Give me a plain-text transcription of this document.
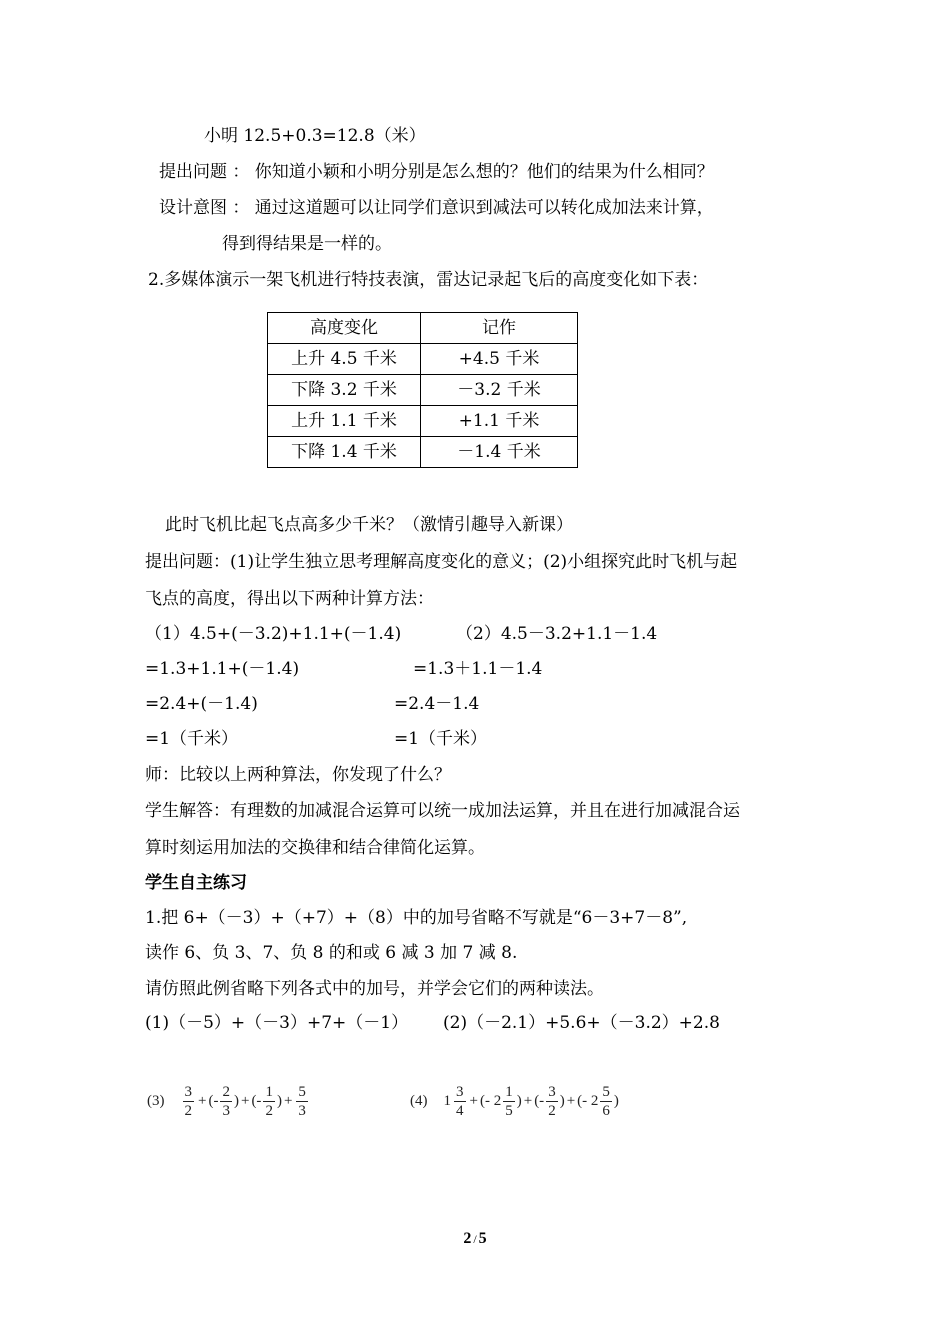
小明 12.5+0.3=12.8（米）
提出问题 ： 你知道小颖和小明分别是怎么想的？他们的结果为什么相同？
设计意图 ： 通过这道题可以让同学们意识到减法可以转化成加法来计算，
得到得结果是一样的。
2.多媒体演示一架飞机进行特技表演，雷达记录起飞后的高度变化如下表：
高度变化	记作
上升 4.5 千米	+4.5 千米
下降 3.2 千米	－3.2 千米
上升 1.1 千米	+1.1 千米
下降 1.4 千米	－1.4 千米
此时飞机比起飞点高多少千米？（激情引趣导入新课）
提出问题：(1)让学生独立思考理解高度变化的意义；(2)小组探究此时飞机与起
飞点的高度，得出以下两种计算方法：
（1）4.5+(－3.2)+1.1+(－1.4)	（2）4.5－3.2+1.1－1.4
=1.3+1.1+(－1.4)	=1.3＋1.1－1.4
=2.4+(－1.4)	=2.4－1.4
=1（千米）	=1（千米）
师：比较以上两种算法，你发现了什么？
学生解答：有理数的加减混合运算可以统一成加法运算，并且在进行加减混合运
算时刻运用加法的交换律和结合律简化运算。
学生自主练习
1.把 6+（－3）+（+7）+（8）中的加号省略不写就是“6－3+7－8”,
读作 6、负 3、7、负 8 的和或 6 减 3 加 7 减 8.
请仿照此例省略下列各式中的加号，并学会它们的两种读法。
(1)（－5）+（－3）+7+（－1） (2)（－2.1）+5.6+（－3.2）+2.8
$(3) \frac{3}{2}$ + (- $\frac{2}{3}$ ) + (- $\frac{1}{2}$ ) + $\frac{5}{3}$	(4) $1 \frac{3}{4}$ + (- $2 \frac{1}{5}$ ) + (- $\frac{3}{2}$ ) + (- $2 \frac{5}{6}$ )
2 / 5
